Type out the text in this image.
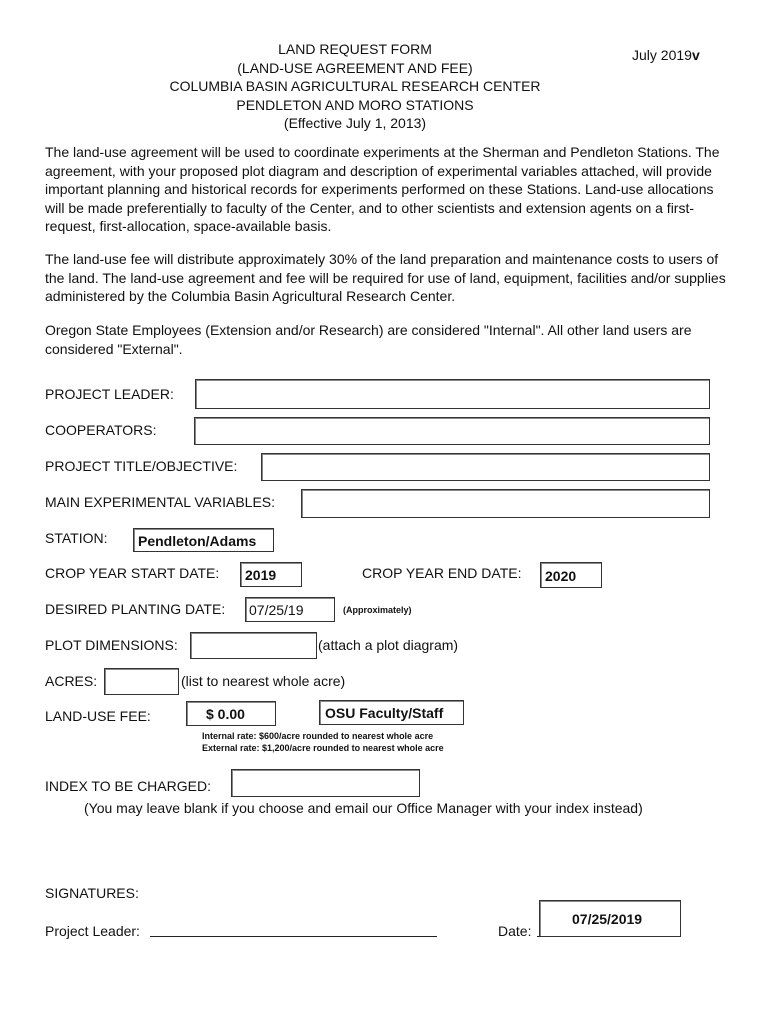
LAND REQUEST FORM
(LAND-USE AGREEMENT AND FEE)
COLUMBIA BASIN AGRICULTURAL RESEARCH CENTER
PENDLETON AND MORO STATIONS
(Effective July 1, 2013)
July 2019v
The land-use agreement will be used to coordinate experiments at the Sherman and Pendleton Stations. The agreement, with your proposed plot diagram and description of experimental variables attached, will provide important planning and historical records for experiments performed on these Stations. Land-use allocations will be made preferentially to faculty of the Center, and to other scientists and extension agents on a first-request, first-allocation, space-available basis.
The land-use fee will distribute approximately 30% of the land preparation and maintenance costs to users of the land. The land-use agreement and fee will be required for use of land, equipment, facilities and/or supplies administered by the Columbia Basin Agricultural Research Center.
Oregon State Employees (Extension and/or Research) are considered "Internal". All other land users are considered "External".
PROJECT LEADER:
COOPERATORS:
PROJECT TITLE/OBJECTIVE:
MAIN EXPERIMENTAL VARIABLES:
STATION: Pendleton/Adams
CROP YEAR START DATE: 2019	CROP YEAR END DATE: 2020
DESIRED PLANTING DATE: 07/25/19	(Approximately)
PLOT DIMENSIONS:	(attach a plot diagram)
ACRES:	(list to nearest whole acre)
LAND-USE FEE:	$ 0.00	OSU Faculty/Staff
Internal rate: $600/acre rounded to nearest whole acre
External rate: $1,200/acre rounded to nearest whole acre
INDEX TO BE CHARGED:
(You may leave blank if you choose and email our Office Manager with your index instead)
SIGNATURES:
Project Leader:	Date:
07/25/2019
